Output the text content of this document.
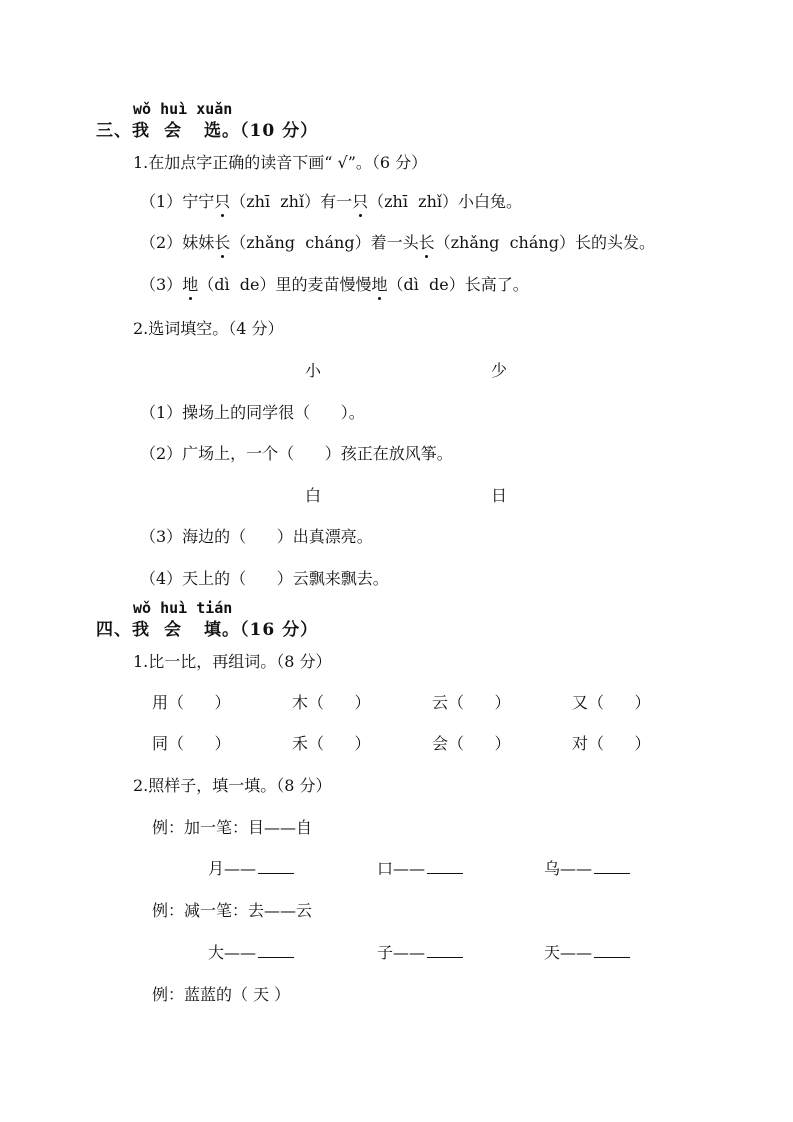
wǒ huì xuǎn
三、我 会 选。（10 分）
1.在加点字正确的读音下画“ √”。（6 分）
（1）宁宁只（zhī  zhǐ）有一只（zhī  zhǐ）小白兔。
（2）妹妹长（zhǎng  cháng）着一头长（zhǎng  cháng）长的头发。
（3）地（dì  de）里的麦苗慢慢地（dì  de）长高了。
2.选词填空。（4 分）
小	少
（1）操场上的同学很（      ）。
（2）广场上，一个（      ）孩正在放风筝。
白	日
（3）海边的（      ）出真漂亮。
（4）天上的（      ）云飘来飘去。
wǒ huì tián
四、我 会 填。（16 分）
1.比一比，再组词。（8 分）
用（      ）	木（      ）	云（      ）	又（      ）
同（      ）	禾（      ）	会（      ）	对（      ）
2.照样子，填一填。（8 分）
例：加一笔：目——自
月——	口——	乌——
例：减一笔：去——云
大——	子——	天——
例：蓝蓝的（ 天 ）
